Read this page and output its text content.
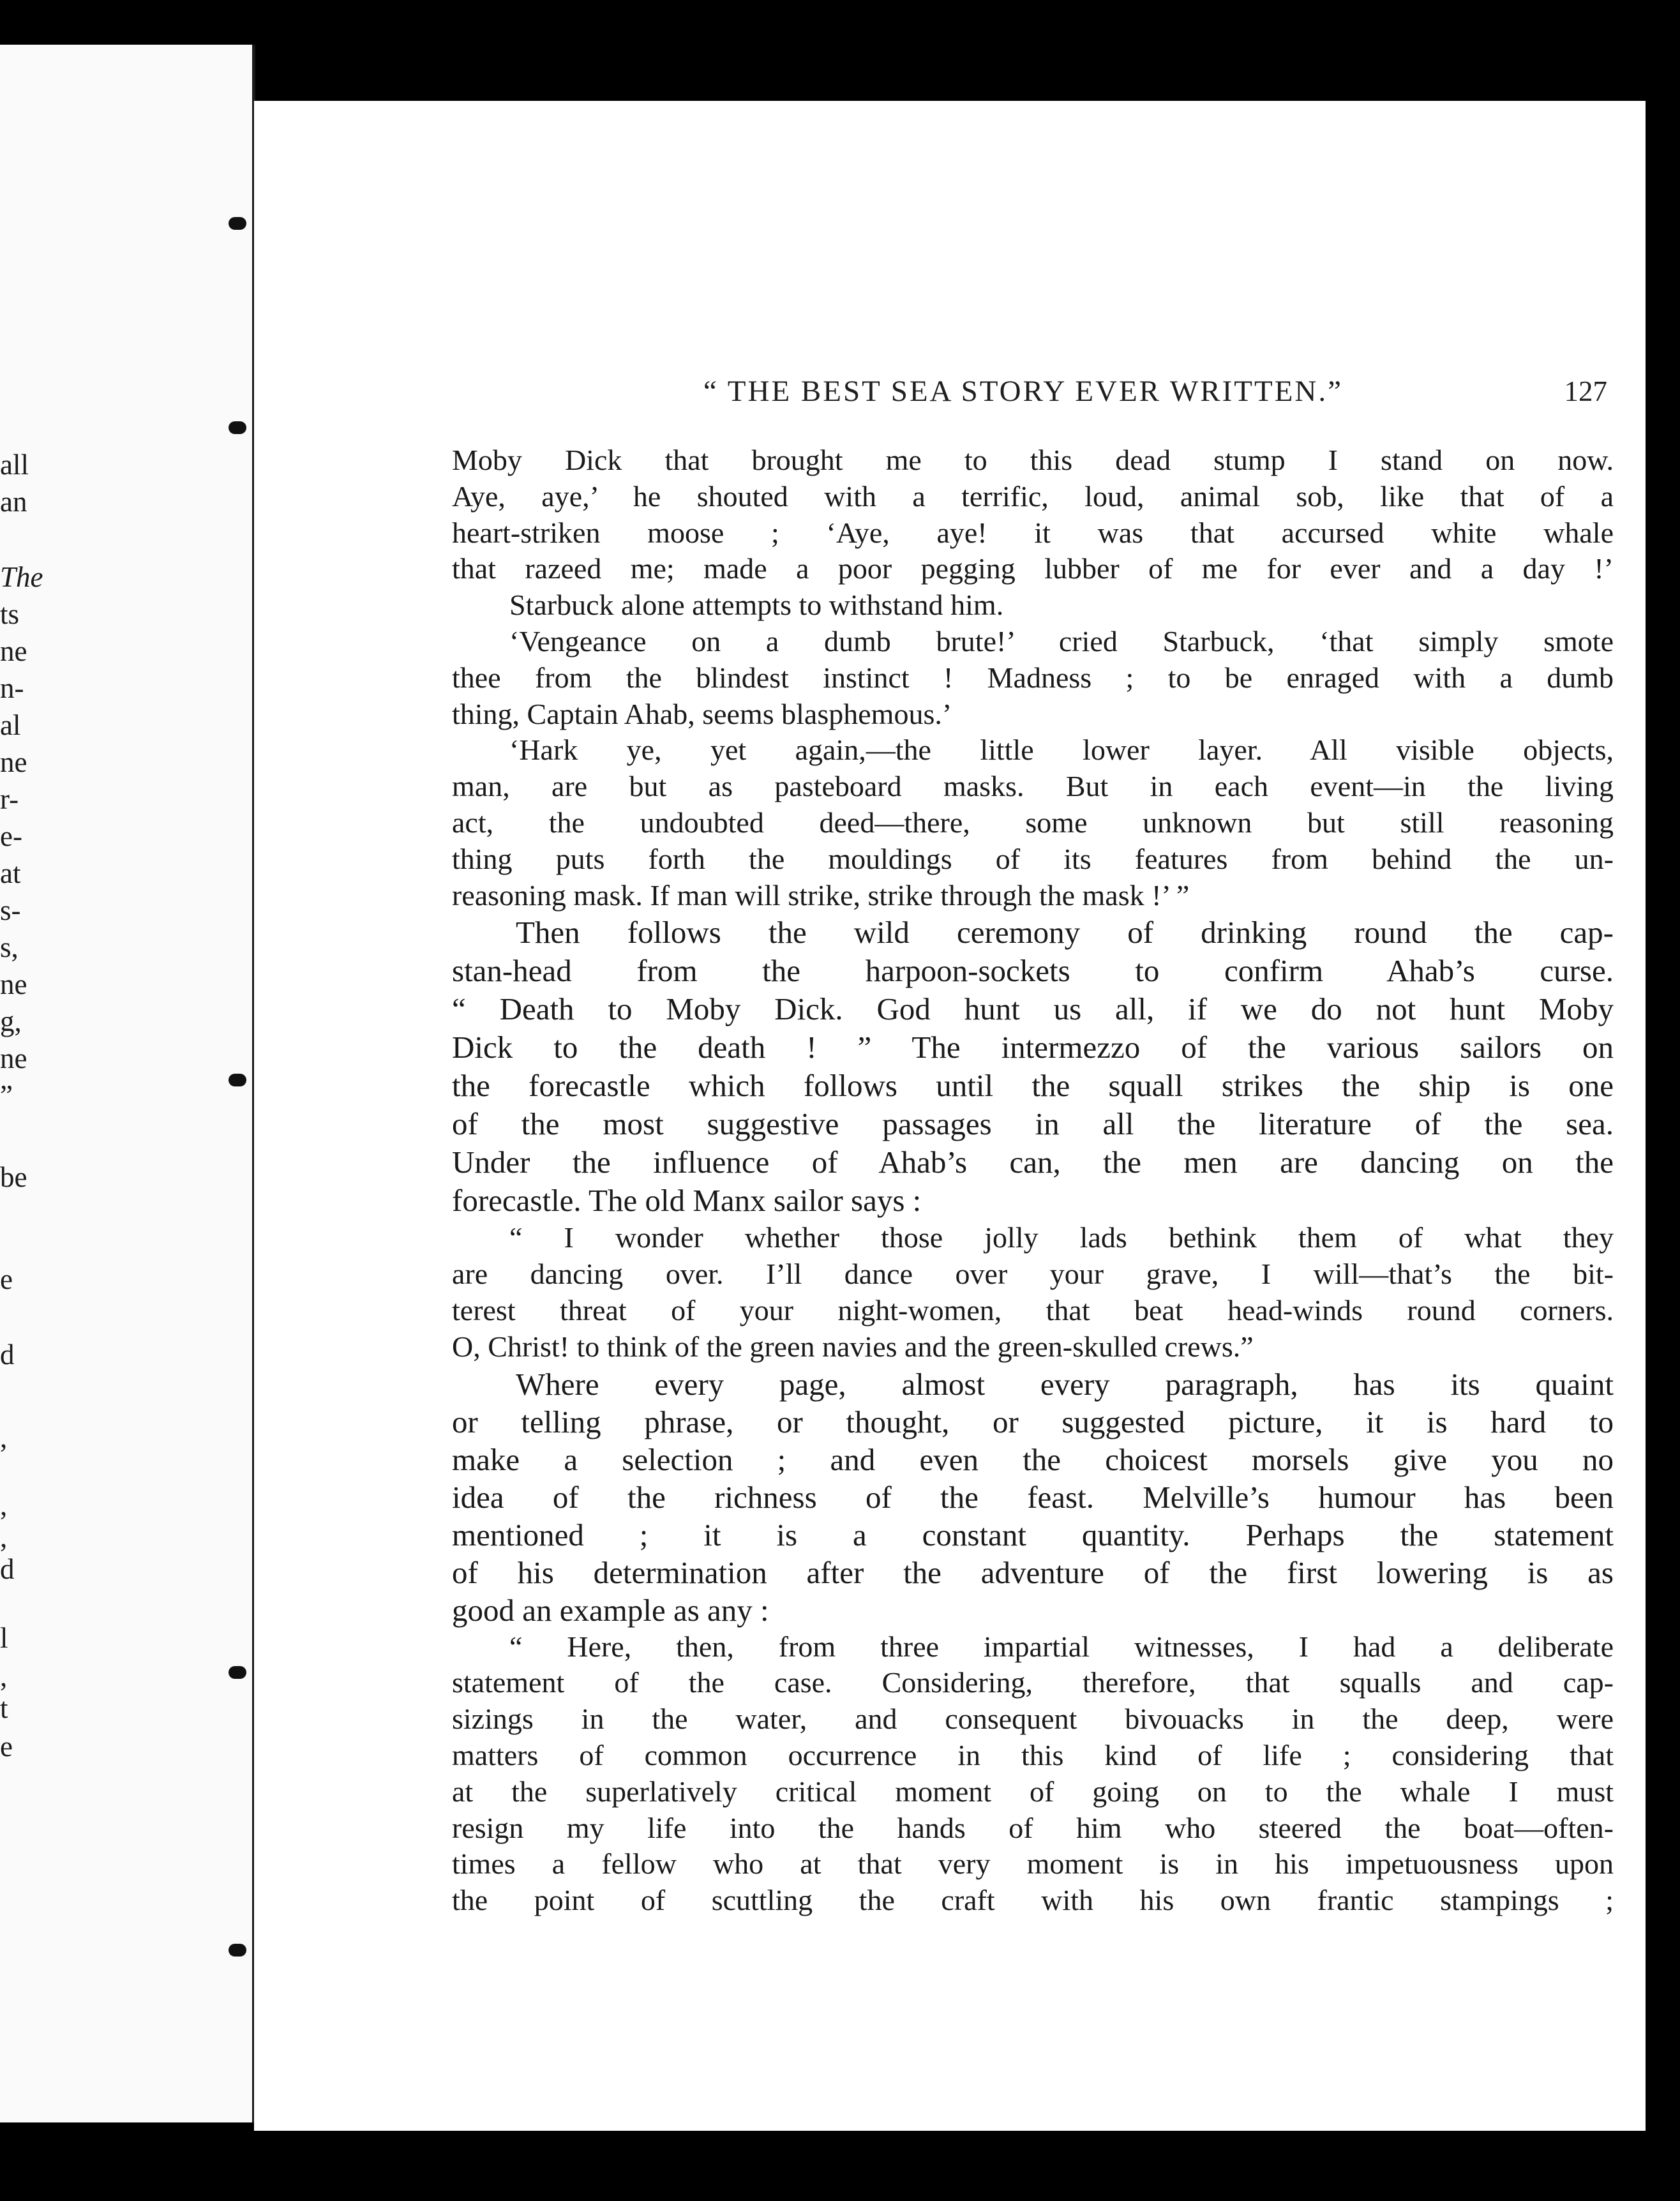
all
an
The
ts
ne
n-
al
ne
r-
e-
at
s-
s,
ne
g,
ne
”
be
e
d
,
,
,
d
l
,
t
e
“ THE BEST SEA STORY EVER WRITTEN.”	127

Moby Dick that brought me to this dead stump I stand on now.
Aye, aye,’ he shouted with a terrific, loud, animal sob, like that of a
heart-striken moose ; ‘Aye, aye! it was that accursed white whale
that razeed me; made a poor pegging lubber of me for ever and a day !’

Starbuck alone attempts to withstand him.

‘Vengeance on a dumb brute!’ cried Starbuck, ‘that simply smote
thee from the blindest instinct ! Madness ; to be enraged with a dumb
thing, Captain Ahab, seems blasphemous.’

‘Hark ye, yet again,—the little lower layer. All visible objects,
man, are but as pasteboard masks. But in each event—in the living
act, the undoubted deed—there, some unknown but still reasoning
thing puts forth the mouldings of its features from behind the un-
reasoning mask. If man will strike, strike through the mask !’ ”

Then follows the wild ceremony of drinking round the cap-
stan-head from the harpoon-sockets to confirm Ahab’s curse.
“ Death to Moby Dick. God hunt us all, if we do not hunt Moby
Dick to the death ! ” The intermezzo of the various sailors on
the forecastle which follows until the squall strikes the ship is one
of the most suggestive passages in all the literature of the sea.
Under the influence of Ahab’s can, the men are dancing on the
forecastle. The old Manx sailor says :

“ I wonder whether those jolly lads bethink them of what they
are dancing over. I’ll dance over your grave, I will—that’s the bit-
terest threat of your night-women, that beat head-winds round corners.
O, Christ! to think of the green navies and the green-skulled crews.”

Where every page, almost every paragraph, has its quaint
or telling phrase, or thought, or suggested picture, it is hard to
make a selection ; and even the choicest morsels give you no
idea of the richness of the feast. Melville’s humour has been
mentioned ; it is a constant quantity. Perhaps the statement
of his determination after the adventure of the first lowering is as
good an example as any :

“ Here, then, from three impartial witnesses, I had a deliberate
statement of the case. Considering, therefore, that squalls and cap-
sizings in the water, and consequent bivouacks in the deep, were
matters of common occurrence in this kind of life ; considering that
at the superlatively critical moment of going on to the whale I must
resign my life into the hands of him who steered the boat—often-
times a fellow who at that very moment is in his impetuousness upon
the point of scuttling the craft with his own frantic stampings ;
